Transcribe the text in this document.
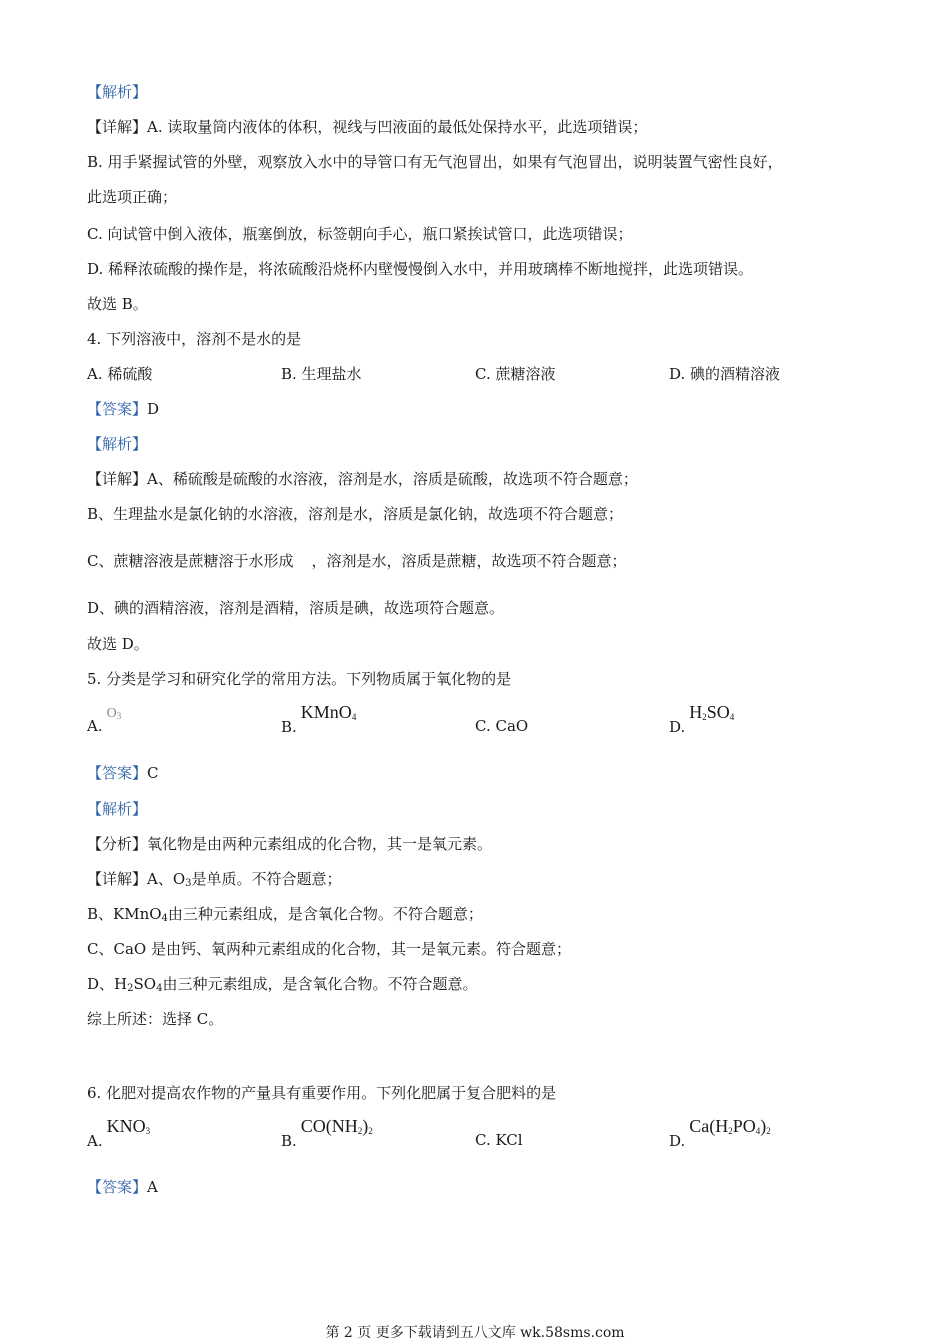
【解析】
【详解】A. 读取量筒内液体的体积，视线与凹液面的最低处保持水平，此选项错误；
B. 用手紧握试管的外壁，观察放入水中的导管口有无气泡冒出，如果有气泡冒出，说明装置气密性良好，
此选项正确；
C. 向试管中倒入液体，瓶塞倒放，标签朝向手心，瓶口紧挨试管口，此选项错误；
D. 稀释浓硫酸的操作是，将浓硫酸沿烧杯内壁慢慢倒入水中，并用玻璃棒不断地搅拌，此选项错误。
故选 B。
4. 下列溶液中，溶剂不是水的是
A. 稀硫酸	B. 生理盐水	C. 蔗糖溶液	D. 碘的酒精溶液
【答案】D
【解析】
【详解】A、稀硫酸是硫酸的水溶液，溶剂是水，溶质是硫酸，故选项不符合题意；
B、生理盐水是氯化钠的水溶液，溶剂是水，溶质是氯化钠，故选项不符合题意；
C、蔗糖溶液是蔗糖溶于水形成 ，溶剂是水，溶质是蔗糖，故选项不符合题意；
D、碘的酒精溶液，溶剂是酒精，溶质是碘，故选项符合题意。
故选 D。
5. 分类是学习和研究化学的常用方法。下列物质属于氧化物的是
$A.O_3$
B.KMnO$_4$	C. CaO	$D.H_2SO_4$
【答案】C
【解析】
【分析】氧化物是由两种元素组成的化合物，其一是氧元素。
【详解】A、$O_3$是单质。不符合题意；
B、KMnO$_4$由三种元素组成，是含氧化合物。不符合题意；
C、CaO 是由钙、氧两种元素组成的化合物，其一是氧元素。符合题意；
D、$H_2SO_4$由三种元素组成，是含氧化合物。不符合题意。
综上所述：选择 C。
6. 化肥对提高农作物的产量具有重要作用。下列化肥属于复合肥料的是
$A.KNO_3$
$B.CO(NH_2)_2$	C. KCl	$D.Ca(H_2PO_4)_2$
【答案】A
第 2 页 更多下载请到五八文库 wk.58sms.com
